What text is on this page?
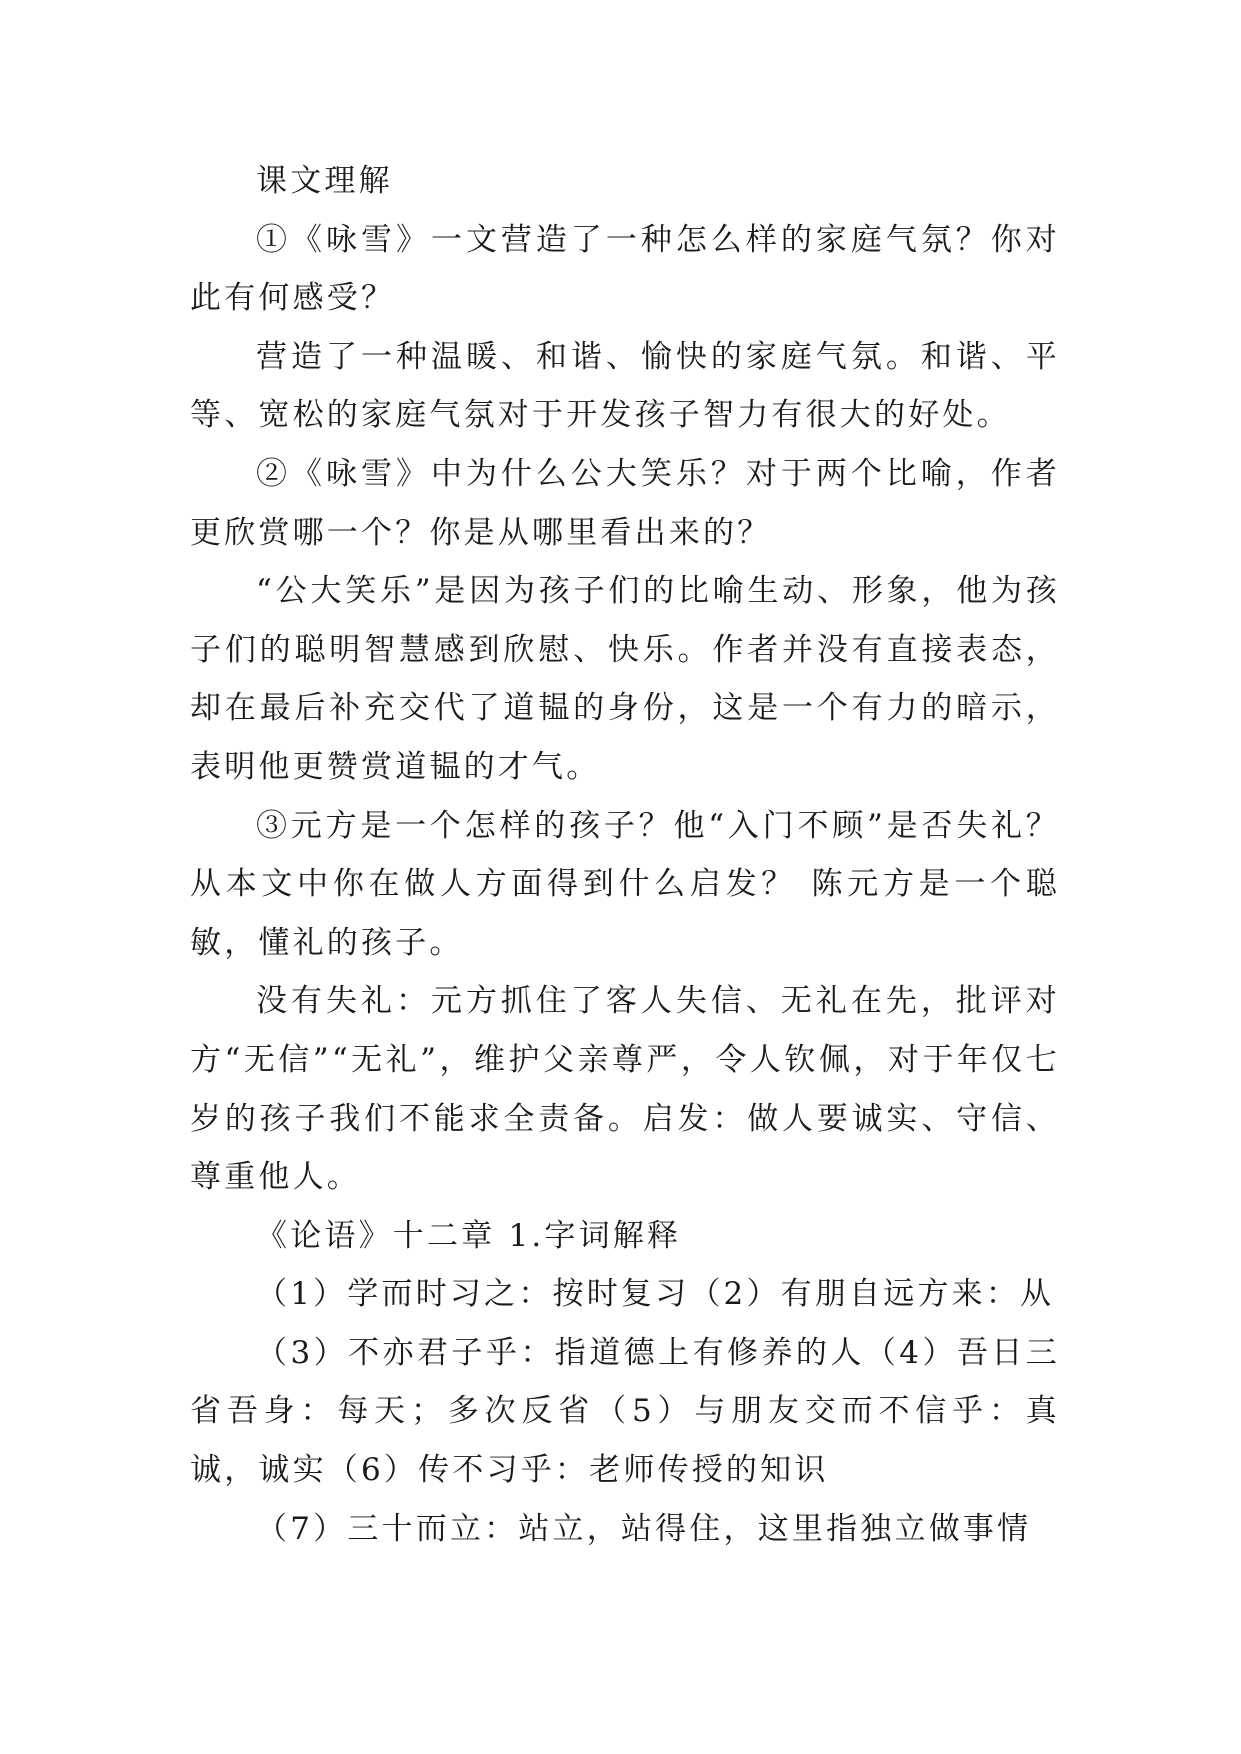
课文理解

①《咏雪》一文营造了一种怎么样的家庭气氛？你对此有何感受？

营造了一种温暖、和谐、愉快的家庭气氛。和谐、平等、宽松的家庭气氛对于开发孩子智力有很大的好处。

②《咏雪》中为什么公大笑乐？对于两个比喻，作者更欣赏哪一个？你是从哪里看出来的？

“公大笑乐”是因为孩子们的比喻生动、形象，他为孩子们的聪明智慧感到欣慰、快乐。作者并没有直接表态，却在最后补充交代了道韫的身份，这是一个有力的暗示，表明他更赞赏道韫的才气。

③元方是一个怎样的孩子？他“入门不顾”是否失礼？从本文中你在做人方面得到什么启发？ 陈元方是一个聪敏，懂礼的孩子。

没有失礼：元方抓住了客人失信、无礼在先，批评对方“无信”“无礼”，维护父亲尊严，令人钦佩，对于年仅七岁的孩子我们不能求全责备。启发：做人要诚实、守信、尊重他人。

《论语》十二章 1.字词解释

（1）学而时习之：按时复习（2）有朋自远方来：从

（3）不亦君子乎：指道德上有修养的人（4）吾日三省吾身：每天；多次反省（5）与朋友交而不信乎：真诚，诚实（6）传不习乎：老师传授的知识

（7）三十而立：站立，站得住，这里指独立做事情
